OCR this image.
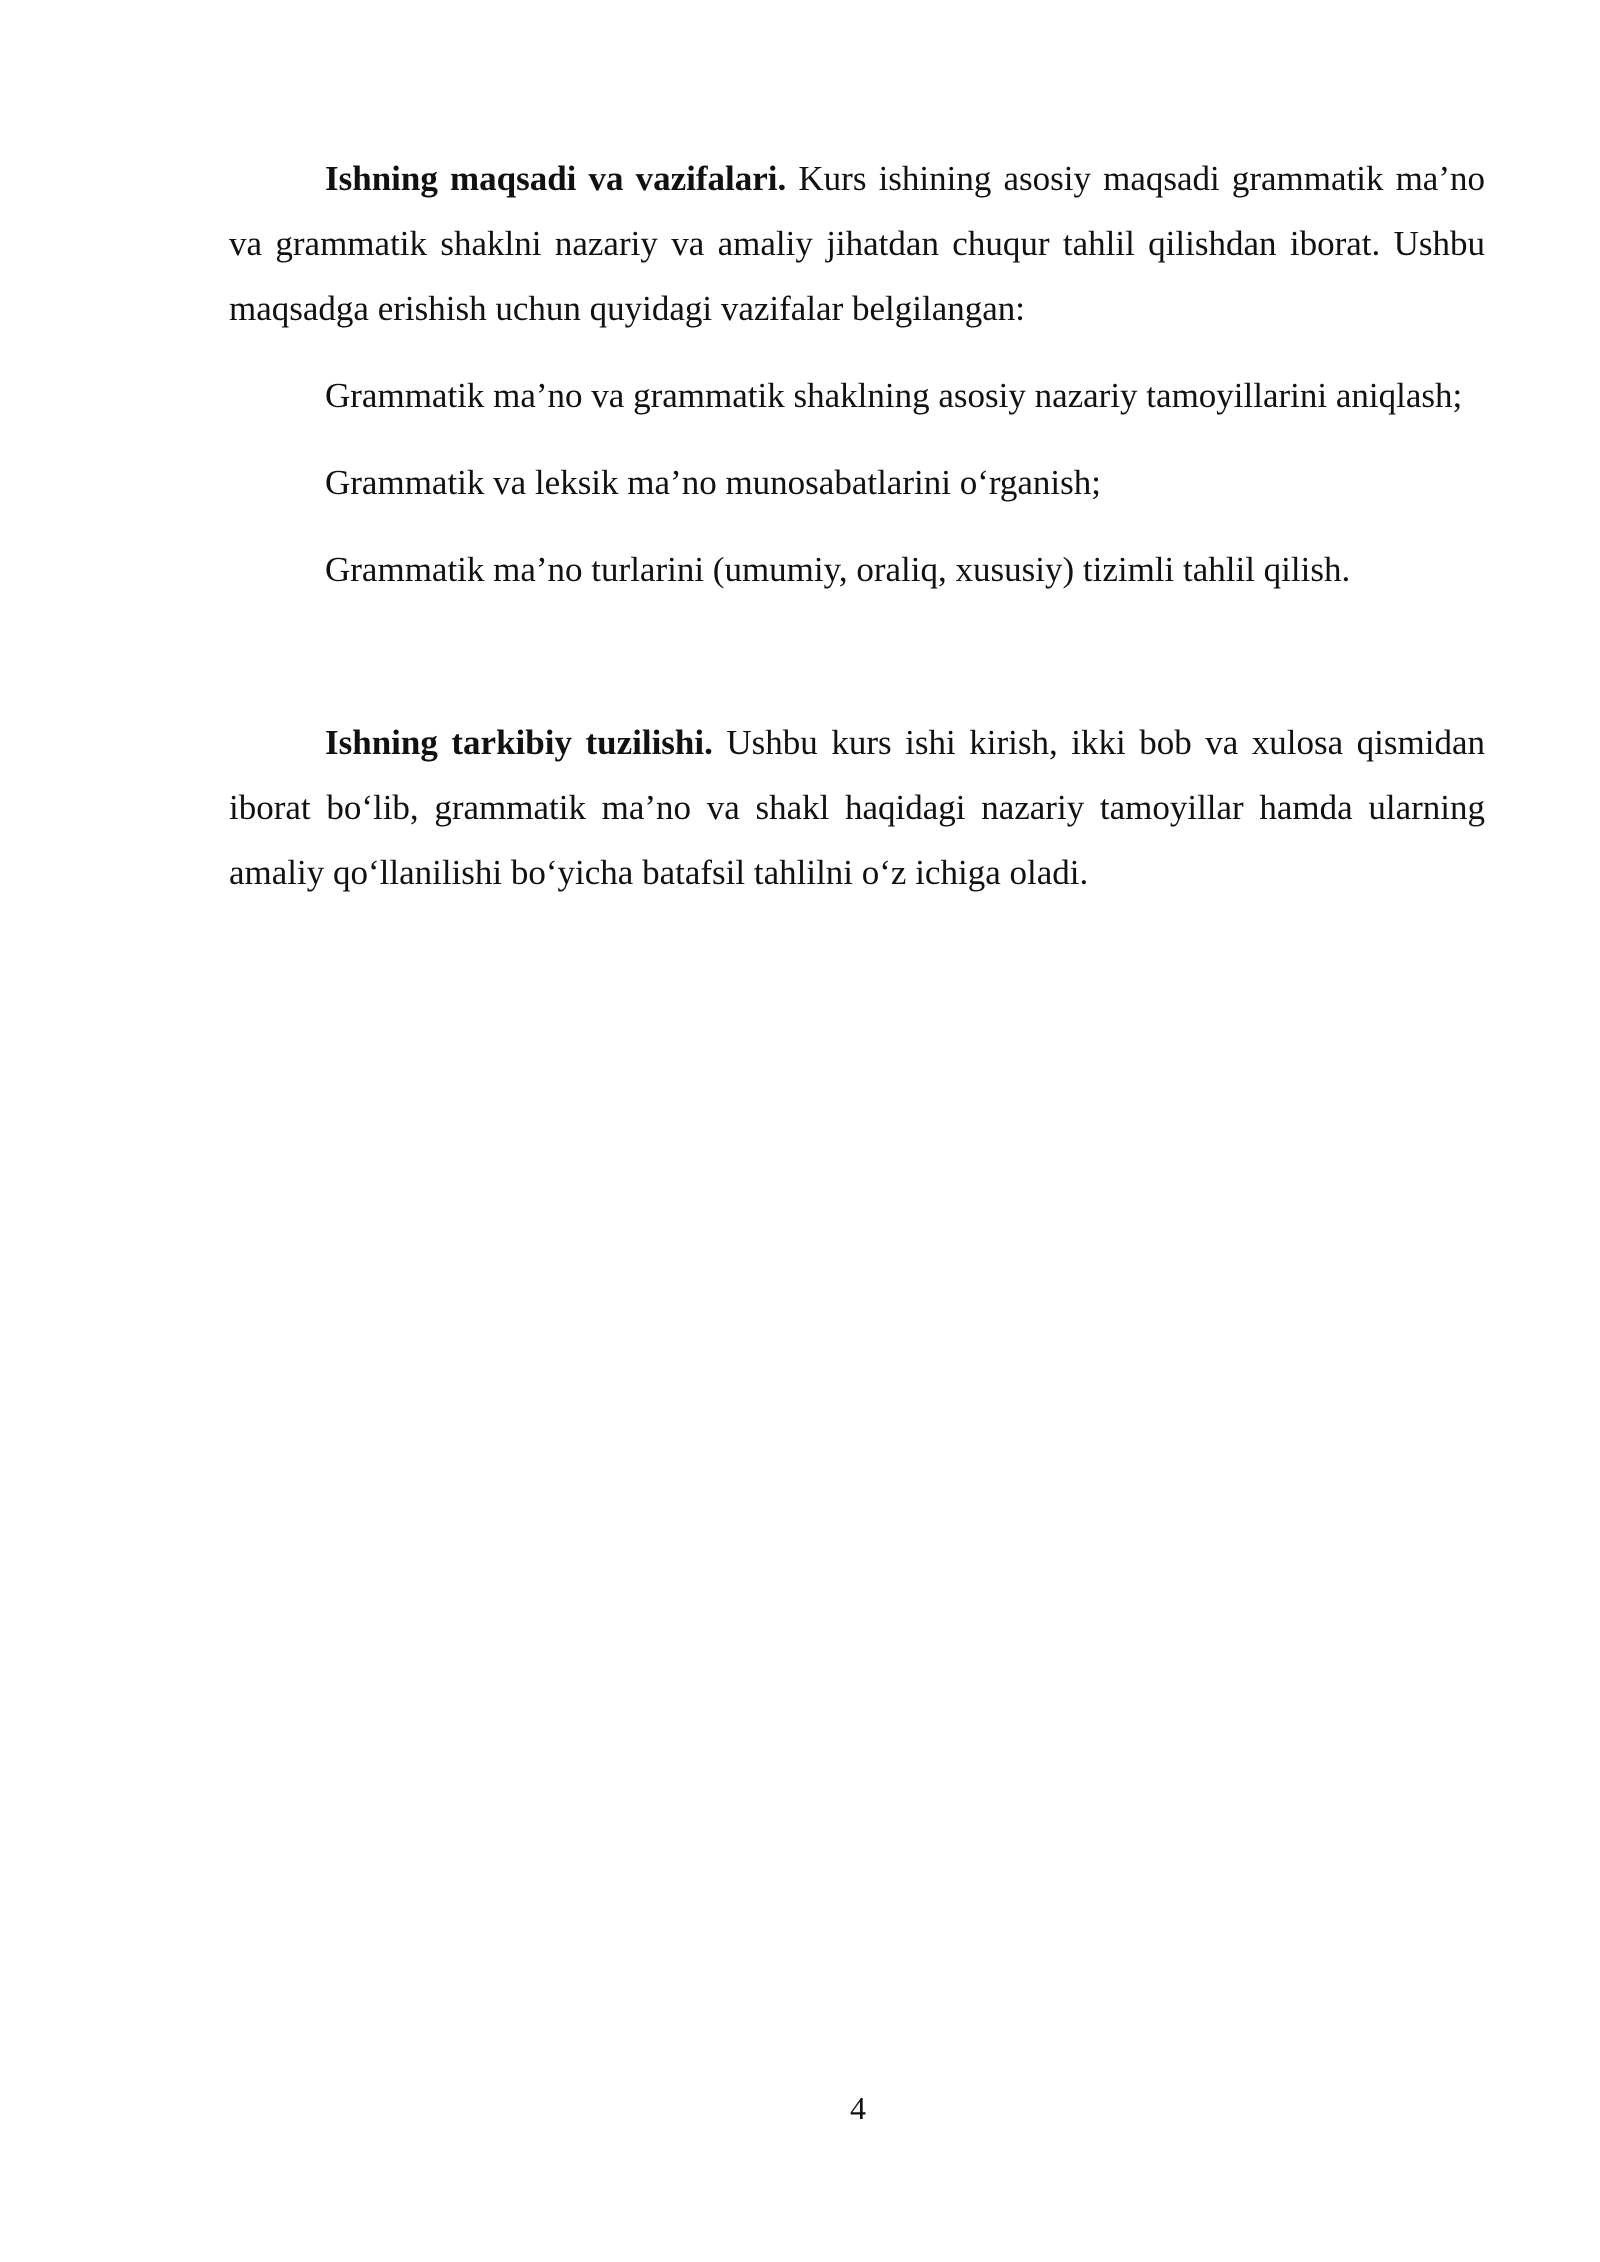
Ishning maqsadi va vazifalari. Kurs ishining asosiy maqsadi grammatik ma’no va grammatik shaklni nazariy va amaliy jihatdan chuqur tahlil qilishdan iborat. Ushbu maqsadga erishish uchun quyidagi vazifalar belgilangan:

Grammatik ma’no va grammatik shaklning asosiy nazariy tamoyillarini aniqlash;

Grammatik va leksik ma’no munosabatlarini o‘rganish;

Grammatik ma’no turlarini (umumiy, oraliq, xususiy) tizimli tahlil qilish.

Ishning tarkibiy tuzilishi. Ushbu kurs ishi kirish, ikki bob va xulosa qismidan iborat bo‘lib, grammatik ma’no va shakl haqidagi nazariy tamoyillar hamda ularning amaliy qo‘llanilishi bo‘yicha batafsil tahlilni o‘z ichiga oladi.

4
